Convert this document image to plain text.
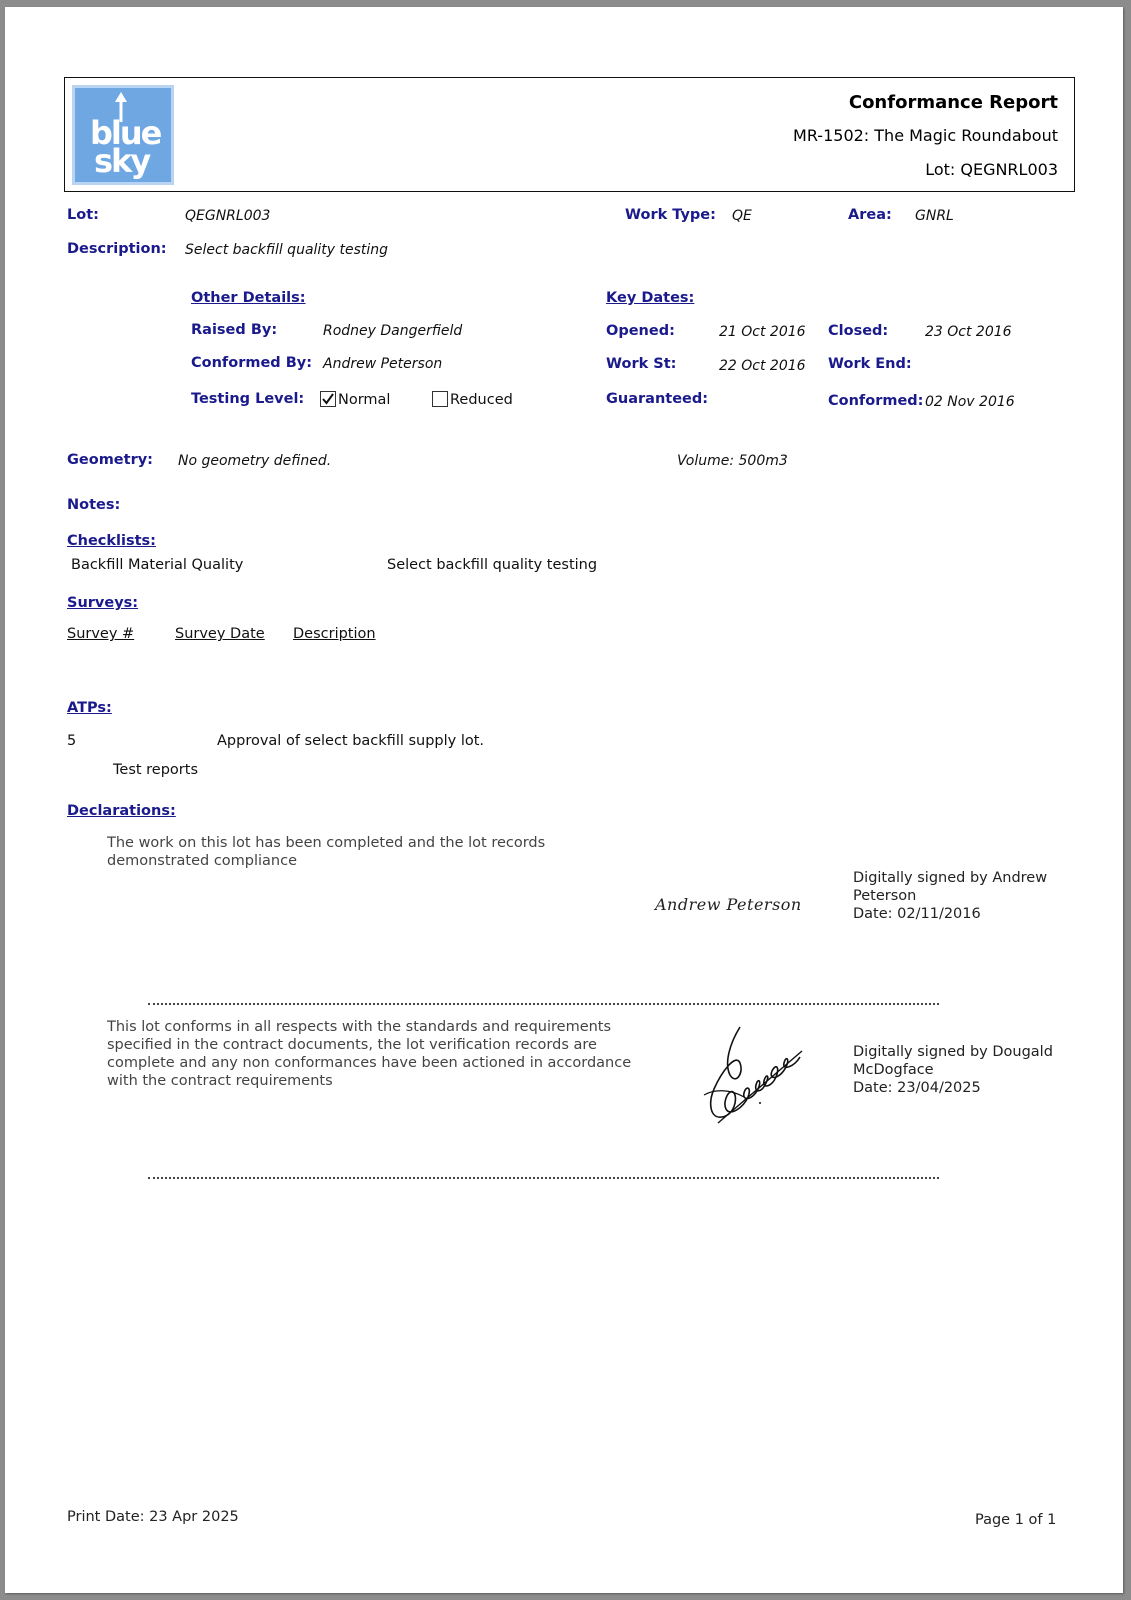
blue
sky
Conformance Report
MR-1502: The Magic Roundabout
Lot: QEGNRL003
Lot:	QEGNRL003	Work Type: QE	Area: GNRL
Description: Select backfill quality testing
Other Details:
Raised By:	Rodney Dangerfield
Conformed By: Andrew Peterson
Testing Level:	Normal	Reduced
Key Dates:
Opened:	21 Oct 2016 Closed:	23 Oct 2016
Work St:	22 Oct 2016 Work End:
Guaranteed:	Conformed: 02 Nov 2016
Geometry: No geometry defined.	Volume: 500m3
Notes:
Checklists:
Backfill Material Quality	Select backfill quality testing
Surveys:
Survey #	Survey Date Description
ATPs:
5	Approval of select backfill supply lot.
Test reports
Declarations:
The work on this lot has been completed and the lot records demonstrated compliance
Andrew Peterson
Digitally signed by Andrew
Peterson
Date: 02/11/2016
This lot conforms in all respects with the standards and requirements specified in the contract documents, the lot verification records are complete and any non conformances have been actioned in accordance with the contract requirements
Digitally signed by Dougald
McDogface
Date: 23/04/2025
Print Date: 23 Apr 2025	Page 1 of 1
